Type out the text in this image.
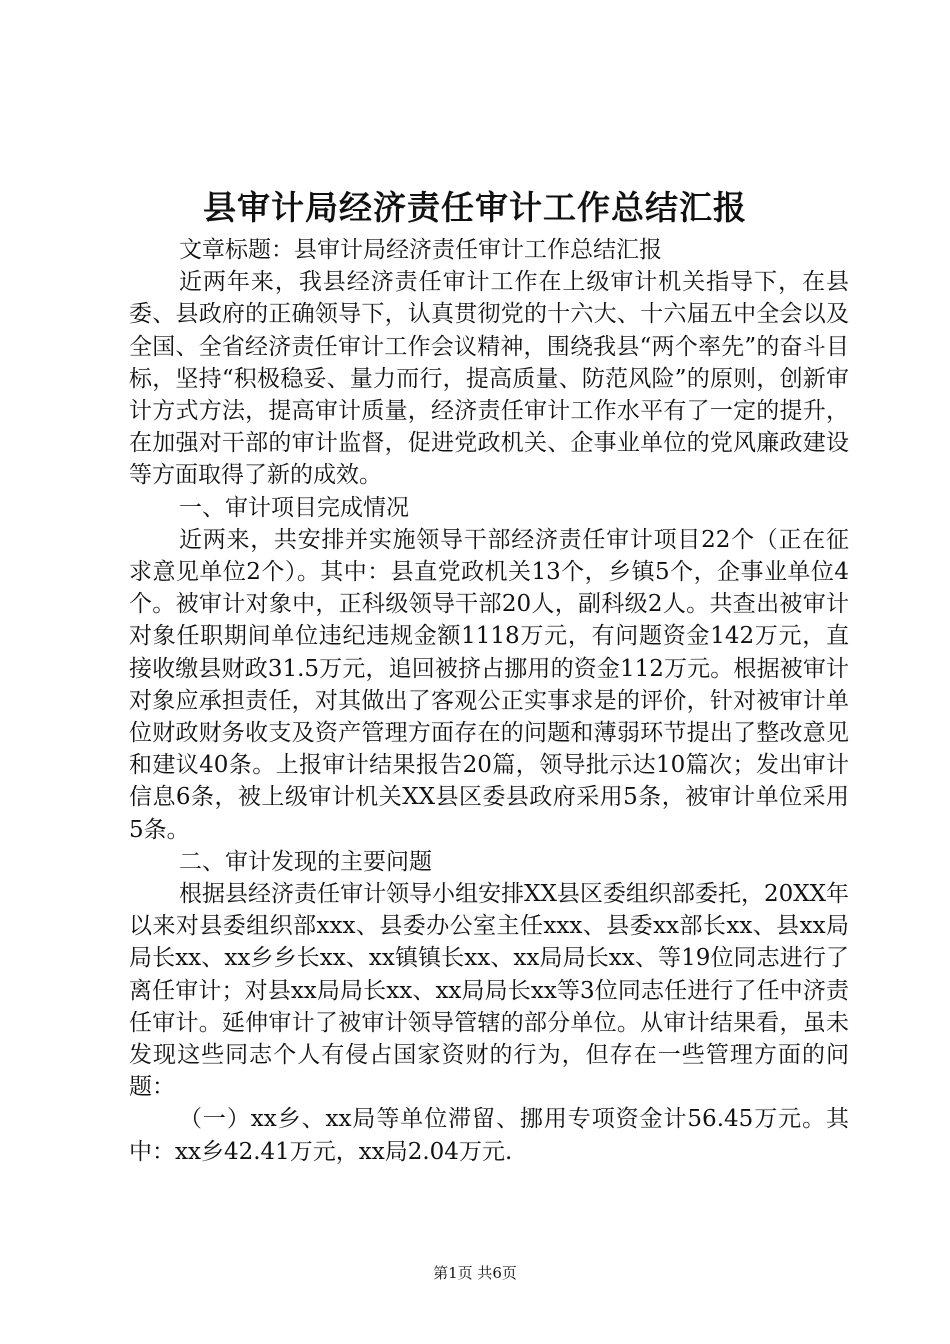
县审计局经济责任审计工作总结汇报

文章标题：县审计局经济责任审计工作总结汇报

近两年来，我县经济责任审计工作在上级审计机关指导下，在县委、县政府的正确领导下，认真贯彻党的十六大、十六届五中全会以及全国、全省经济责任审计工作会议精神，围绕我县“两个率先”的奋斗目标，坚持“积极稳妥、量力而行，提高质量、防范风险”的原则，创新审计方式方法，提高审计质量，经济责任审计工作水平有了一定的提升，在加强对干部的审计监督，促进党政机关、企事业单位的党风廉政建设等方面取得了新的成效。

一、审计项目完成情况

近两来，共安排并实施领导干部经济责任审计项目22个（正在征求意见单位2个）。其中：县直党政机关13个，乡镇5个，企事业单位4个。被审计对象中，正科级领导干部20人，副科级2人。共查出被审计对象任职期间单位违纪违规金额1118万元，有问题资金142万元，直接收缴县财政31.5万元，追回被挤占挪用的资金112万元。根据被审计对象应承担责任，对其做出了客观公正实事求是的评价，针对被审计单位财政财务收支及资产管理方面存在的问题和薄弱环节提出了整改意见和建议40条。上报审计结果报告20篇，领导批示达10篇次；发出审计信息6条，被上级审计机关XX县区委县政府采用5条，被审计单位采用5条。

二、审计发现的主要问题

根据县经济责任审计领导小组安排XX县区委组织部委托，20XX年以来对县委组织部xxx、县委办公室主任xxx、县委xx部长xx、县xx局局长xx、xx乡乡长xx、xx镇镇长xx、xx局局长xx、等19位同志进行了离任审计；对县xx局局长xx、xx局局长xx等3位同志任进行了任中济责任审计。延伸审计了被审计领导管辖的部分单位。从审计结果看，虽未发现这些同志个人有侵占国家资财的行为，但存在一些管理方面的问题：

（一）xx乡、xx局等单位滞留、挪用专项资金计56.45万元。其中：xx乡42.41万元，xx局2.04万元.

第1页 共6页
